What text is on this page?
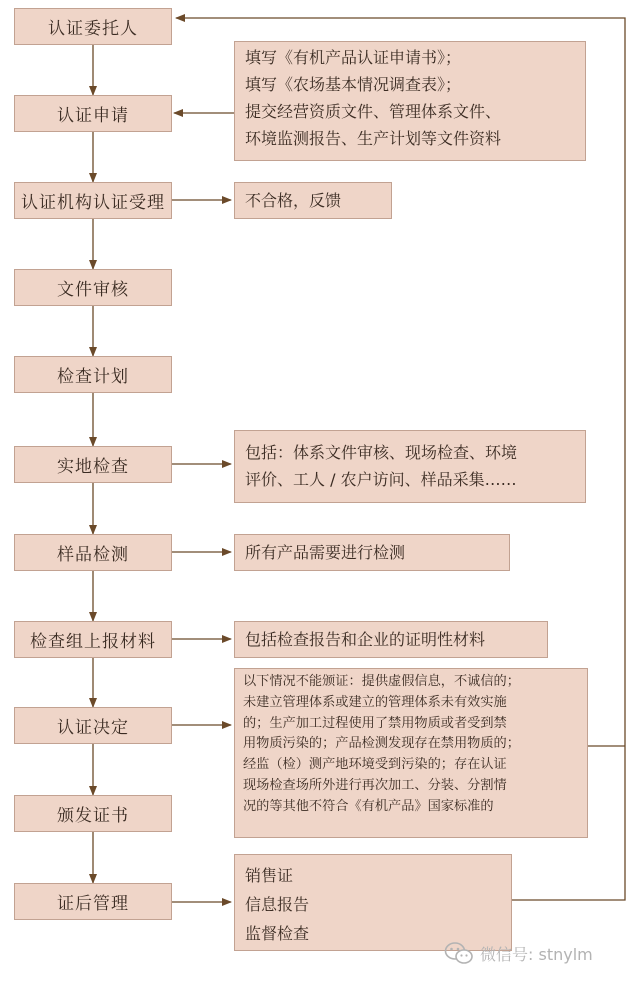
认证委托人
认证申请
认证机构认证受理
文件审核
检查计划
实地检查
样品检测
检查组上报材料
认证决定
颁发证书
证后管理
填写《有机产品认证申请书》；
填写《农场基本情况调查表》；
提交经营资质文件、管理体系文件、
环境监测报告、生产计划等文件资料
不合格，反馈
包括：体系文件审核、现场检查、环境
评价、工人 / 农户访问、样品采集……
所有产品需要进行检测
包括检查报告和企业的证明性材料
以下情况不能颁证：提供虚假信息，不诚信的；
未建立管理体系或建立的管理体系未有效实施
的；生产加工过程使用了禁用物质或者受到禁
用物质污染的；产品检测发现存在禁用物质的；
经监（检）测产地环境受到污染的；存在认证
现场检查场所外进行再次加工、分装、分割情
况的等其他不符合《有机产品》国家标准的
销售证
信息报告
监督检查
微信号: stnylm
